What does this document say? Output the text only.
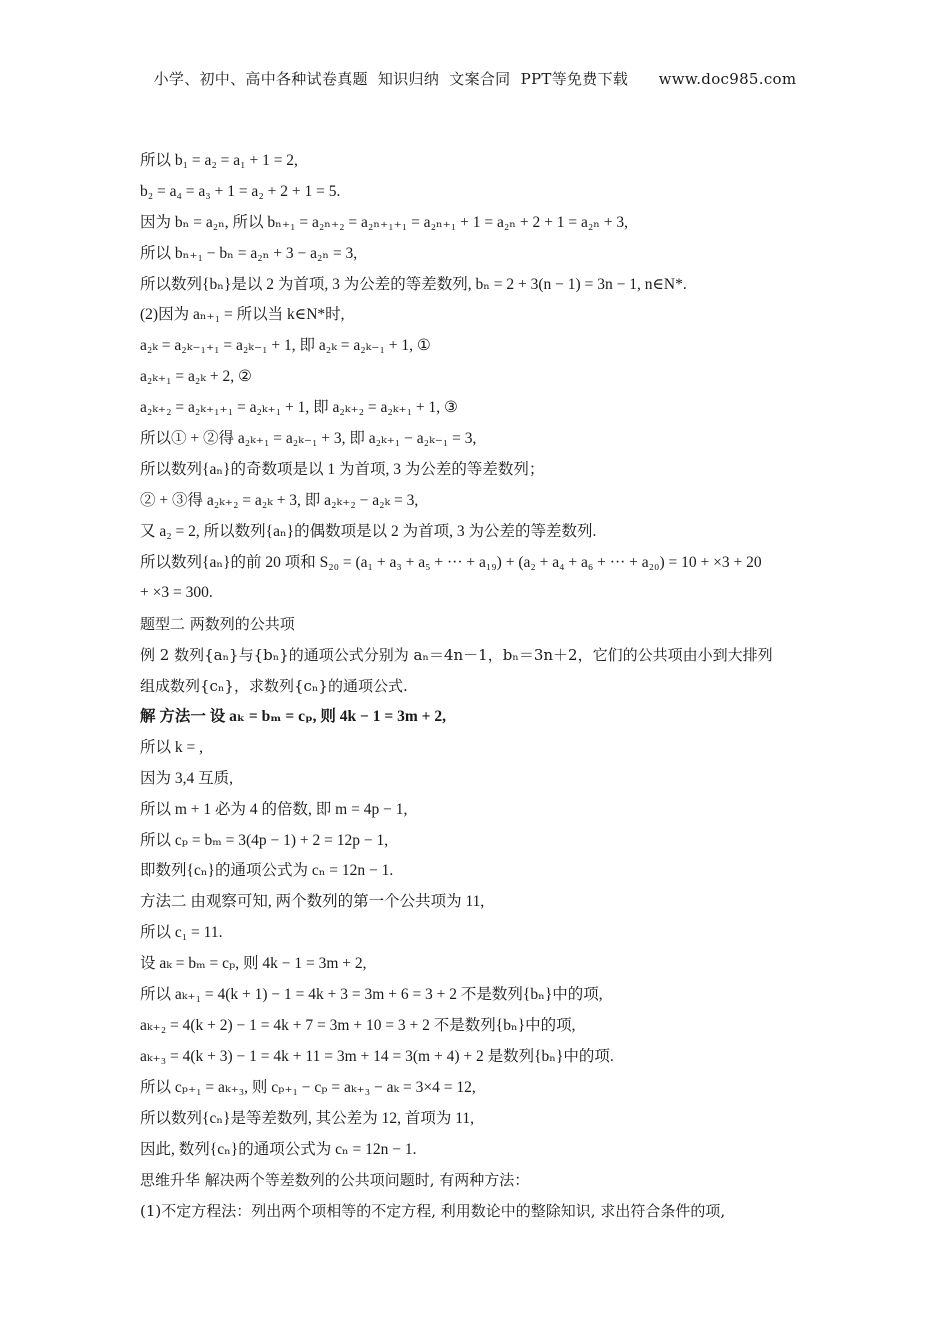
小学、初中、高中各种试卷真题  知识归纳  文案合同  PPT等免费下载      www.doc985.com
所以 b₁ = a₂ = a₁ + 1 = 2,
b₂ = a₄ = a₃ + 1 = a₂ + 2 + 1 = 5.
因为 bₙ = a₂ₙ, 所以 bₙ₊₁ = a₂ₙ₊₂ = a₂ₙ₊₁₊₁ = a₂ₙ₊₁ + 1 = a₂ₙ + 2 + 1 = a₂ₙ + 3,
所以 bₙ₊₁ − bₙ = a₂ₙ + 3 − a₂ₙ = 3,
所以数列{bₙ}是以 2 为首项, 3 为公差的等差数列, bₙ = 2 + 3(n − 1) = 3n − 1, n∈N*.
(2)因为 aₙ₊₁ = 所以当 k∈N*时,
a₂ₖ = a₂ₖ₋₁₊₁ = a₂ₖ₋₁ + 1, 即 a₂ₖ = a₂ₖ₋₁ + 1, ①
a₂ₖ₊₁ = a₂ₖ + 2, ②
a₂ₖ₊₂ = a₂ₖ₊₁₊₁ = a₂ₖ₊₁ + 1, 即 a₂ₖ₊₂ = a₂ₖ₊₁ + 1, ③
所以① + ②得 a₂ₖ₊₁ = a₂ₖ₋₁ + 3, 即 a₂ₖ₊₁ − a₂ₖ₋₁ = 3,
所以数列{aₙ}的奇数项是以 1 为首项, 3 为公差的等差数列；
② + ③得 a₂ₖ₊₂ = a₂ₖ + 3, 即 a₂ₖ₊₂ − a₂ₖ = 3,
又 a₂ = 2, 所以数列{aₙ}的偶数项是以 2 为首项, 3 为公差的等差数列.
所以数列{aₙ}的前 20 项和 S₂₀ = (a₁ + a₃ + a₅ + ··· + a₁₉) + (a₂ + a₄ + a₆ + ··· + a₂₀) = 10 + ×3 + 20
+ ×3 = 300.
题型二 两数列的公共项
例 2 数列{aₙ}与{bₙ}的通项公式分别为 aₙ＝4n－1，bₙ＝3n＋2，它们的公共项由小到大排列
组成数列{cₙ}，求数列{cₙ}的通项公式.
解 方法一 设 aₖ = bₘ = cₚ, 则 4k − 1 = 3m + 2,
所以 k = ,
因为 3,4 互质,
所以 m + 1 必为 4 的倍数, 即 m = 4p − 1,
所以 cₚ = bₘ = 3(4p − 1) + 2 = 12p − 1,
即数列{cₙ}的通项公式为 cₙ = 12n − 1.
方法二 由观察可知, 两个数列的第一个公共项为 11,
所以 c₁ = 11.
设 aₖ = bₘ = cₚ, 则 4k − 1 = 3m + 2,
所以 aₖ₊₁ = 4(k + 1) − 1 = 4k + 3 = 3m + 6 = 3 + 2 不是数列{bₙ}中的项,
aₖ₊₂ = 4(k + 2) − 1 = 4k + 7 = 3m + 10 = 3 + 2 不是数列{bₙ}中的项,
aₖ₊₃ = 4(k + 3) − 1 = 4k + 11 = 3m + 14 = 3(m + 4) + 2 是数列{bₙ}中的项.
所以 cₚ₊₁ = aₖ₊₃, 则 cₚ₊₁ − cₚ = aₖ₊₃ − aₖ = 3×4 = 12,
所以数列{cₙ}是等差数列, 其公差为 12, 首项为 11,
因此, 数列{cₙ}的通项公式为 cₙ = 12n − 1.
思维升华 解决两个等差数列的公共项问题时, 有两种方法：
(1)不定方程法：列出两个项相等的不定方程, 利用数论中的整除知识, 求出符合条件的项,
